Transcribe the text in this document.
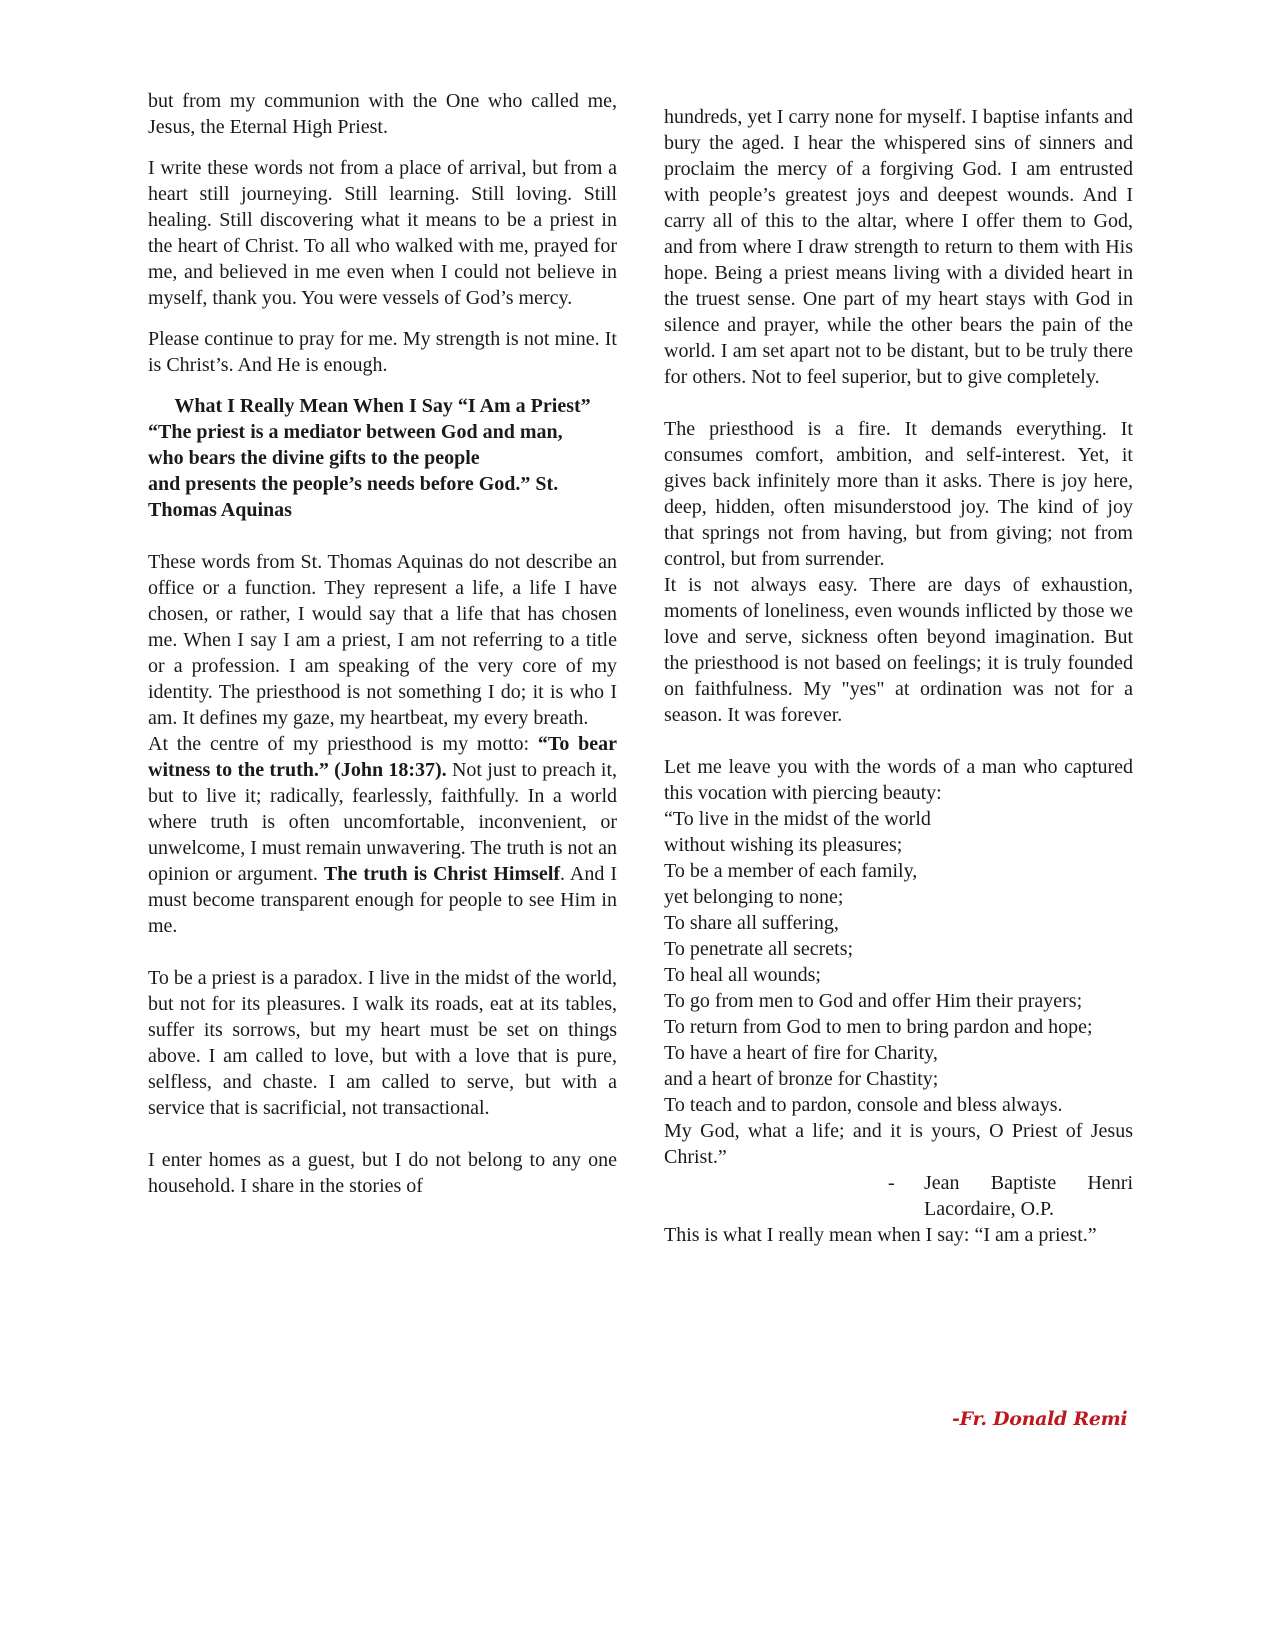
but from my communion with the One who called me, Jesus, the Eternal High Priest.

I write these words not from a place of arrival, but from a heart still journeying. Still learning. Still loving. Still healing. Still discovering what it means to be a priest in the heart of Christ. To all who walked with me, prayed for me, and believed in me even when I could not believe in myself, thank you. You were vessels of God’s mercy.

Please continue to pray for me. My strength is not mine. It is Christ’s. And He is enough.

What I Really Mean When I Say “I Am a Priest”

“The priest is a mediator between God and man,
who bears the divine gifts to the people
and presents the people’s needs before God.” St. Thomas Aquinas

These words from St. Thomas Aquinas do not describe an office or a function. They represent a life, a life I have chosen, or rather, I would say that a life that has chosen me. When I say I am a priest, I am not referring to a title or a profession. I am speaking of the very core of my identity. The priesthood is not something I do; it is who I am. It defines my gaze, my heartbeat, my every breath.

At the centre of my priesthood is my motto: “To bear witness to the truth.” (John 18:37). Not just to preach it, but to live it; radically, fearlessly, faithfully. In a world where truth is often uncomfortable, inconvenient, or unwelcome, I must remain unwavering. The truth is not an opinion or argument. The truth is Christ Himself. And I must become transparent enough for people to see Him in me.

To be a priest is a paradox. I live in the midst of the world, but not for its pleasures. I walk its roads, eat at its tables, suffer its sorrows, but my heart must be set on things above. I am called to love, but with a love that is pure, selfless, and chaste. I am called to serve, but with a service that is sacrificial, not transactional.

I enter homes as a guest, but I do not belong to any one household. I share in the stories of

hundreds, yet I carry none for myself. I baptise infants and bury the aged. I hear the whispered sins of sinners and proclaim the mercy of a forgiving God. I am entrusted with people’s greatest joys and deepest wounds. And I carry all of this to the altar, where I offer them to God, and from where I draw strength to return to them with His hope. Being a priest means living with a divided heart in the truest sense. One part of my heart stays with God in silence and prayer, while the other bears the pain of the world. I am set apart not to be distant, but to be truly there for others. Not to feel superior, but to give completely.

The priesthood is a fire. It demands everything. It consumes comfort, ambition, and self-interest. Yet, it gives back infinitely more than it asks. There is joy here, deep, hidden, often misunderstood joy. The kind of joy that springs not from having, but from giving; not from control, but from surrender.

It is not always easy. There are days of exhaustion, moments of loneliness, even wounds inflicted by those we love and serve, sickness often beyond imagination. But the priesthood is not based on feelings; it is truly founded on faithfulness. My "yes" at ordination was not for a season. It was forever.

Let me leave you with the words of a man who captured this vocation with piercing beauty:

“To live in the midst of the world
without wishing its pleasures;
To be a member of each family,
yet belonging to none;
To share all suffering,
To penetrate all secrets;
To heal all wounds;
To go from men to God and offer Him their prayers;
To return from God to men to bring pardon and hope;
To have a heart of fire for Charity,
and a heart of bronze for Chastity;
To teach and to pardon, console and bless always.
My God, what a life; and it is yours, O Priest of Jesus Christ.”
-	Jean Baptiste Henri Lacordaire, O.P.

This is what I really mean when I say: “I am a priest.”

-Fr. Donald Remi
